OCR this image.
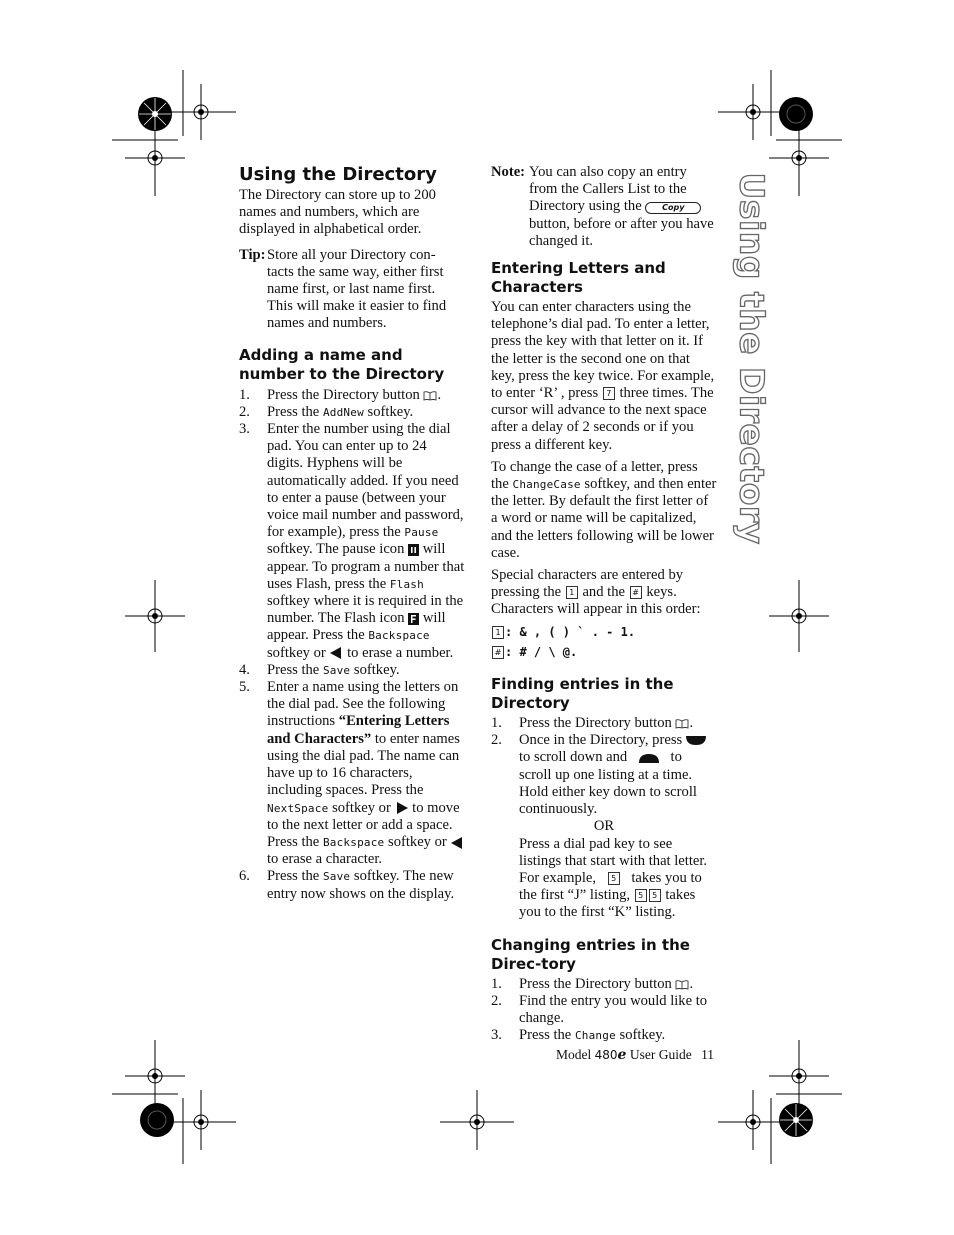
Using the Directory
Using the Directory

The Directory can store up to 200 names and numbers, which are displayed in alphabetical order.

Tip: Store all your Directory con-
tacts the same way, either first
name first, or last name first.
This will make it easier to find
names and numbers.
Adding a name and number to the Directory
1.	Press the Directory button .
2.	Press the AddNew softkey.
3.	Enter the number using the dial pad. You can enter up to 24 digits. Hyphens will be automatically added. If you need to enter a pause (between your voice mail number and password, for example), press the Pause softkey. The pause icon will appear. To program a number that uses Flash, press the Flash softkey where it is required in the number. The Flash icon will appear. Press the Backspace softkey or to erase a number.
4.	Press the Save softkey.
5.	Enter a name using the letters on the dial pad. See the following instructions “Entering Letters and Characters” to enter names using the dial pad. The name can have up to 16 characters, including spaces. Press the NextSpace softkey or to move to the next letter or add a space. Press the Backspace softkey or  to erase a character.
6.	Press the Save softkey. The new entry now shows on the display.
Note: You can also copy an entry from the Callers List to the Directory using the	Copy button, before or after you have changed it.
Entering Letters and Characters

You can enter characters using the telephone’s dial pad. To enter a letter, press the key with that letter on it. If the letter is the second one on that key, press the key twice. For example, to enter ‘R’ , press 7 three times. The cursor will advance to the next space after a delay of 2 seconds or if you press a different key.

To change the case of a letter, press the ChangeCase softkey, and then enter the letter. By default the first letter of a word or name will be capitalized, and the letters following will be lower case.

Special characters are entered by pressing the 1 and the # keys. Characters will appear in this order:

1 : & , ( ) ` . - 1.

# : # / \ @.

Finding entries in the Directory
1.	Press the Directory button .
2.	Once in the Directory, press  to scroll down and	to scroll up one listing at a time. Hold either key down to scroll continuously.
OR
Press a dial pad key to see listings that start with that letter. For example, 5 takes you to the first “J” listing, 5 5 takes you to the first “K” listing.
Changing entries in the Direc-tory
1.	Press the Directory button .
2.	Find the entry you would like to change.
3.	Press the Change softkey.
Model 480e User Guide 11
